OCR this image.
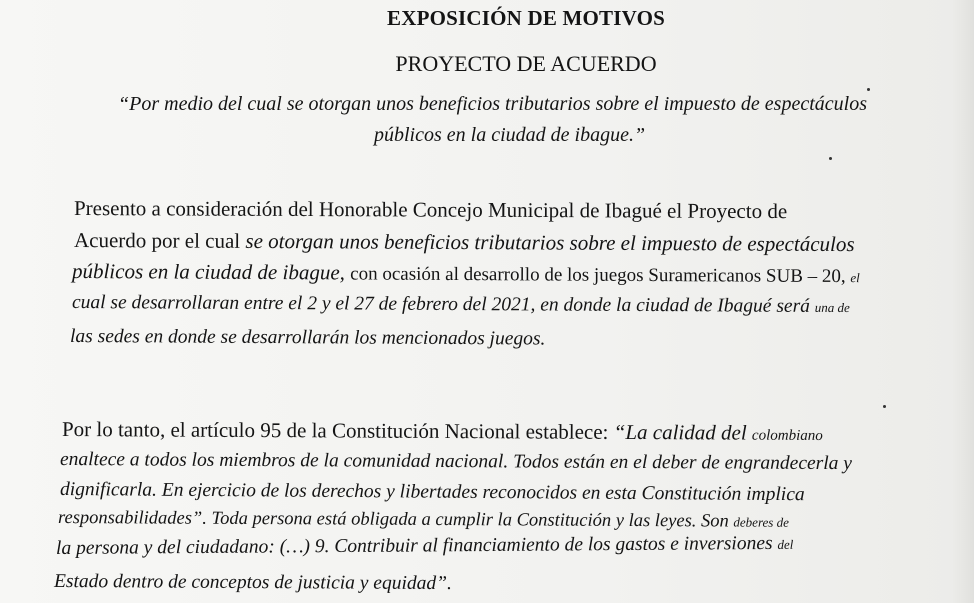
EXPOSICIÓN DE MOTIVOS
PROYECTO DE ACUERDO
“Por medio del cual se otorgan unos beneficios tributarios sobre el impuesto de espectáculos
públicos en la ciudad de ibague.”
Presento a consideración del Honorable Concejo Municipal de Ibagué el Proyecto de
Acuerdo por el cual se otorgan unos beneficios tributarios sobre el impuesto de espectáculos
públicos en la ciudad de ibague, con ocasión al desarrollo de los juegos Suramericanos SUB – 20, el
cual se desarrollaran entre el 2 y el 27 de febrero del 2021, en donde la ciudad de Ibagué será una de
las sedes en donde se desarrollarán los mencionados juegos.
Por lo tanto, el artículo 95 de la Constitución Nacional establece: “La calidad del colombiano
enaltece a todos los miembros de la comunidad nacional. Todos están en el deber de engrandecerla y
dignificarla. En ejercicio de los derechos y libertades reconocidos en esta Constitución implica
responsabilidades”. Toda persona está obligada a cumplir la Constitución y las leyes. Son deberes de
la persona y del ciudadano: (…) 9. Contribuir al financiamiento de los gastos e inversiones del
Estado dentro de conceptos de justicia y equidad”.
